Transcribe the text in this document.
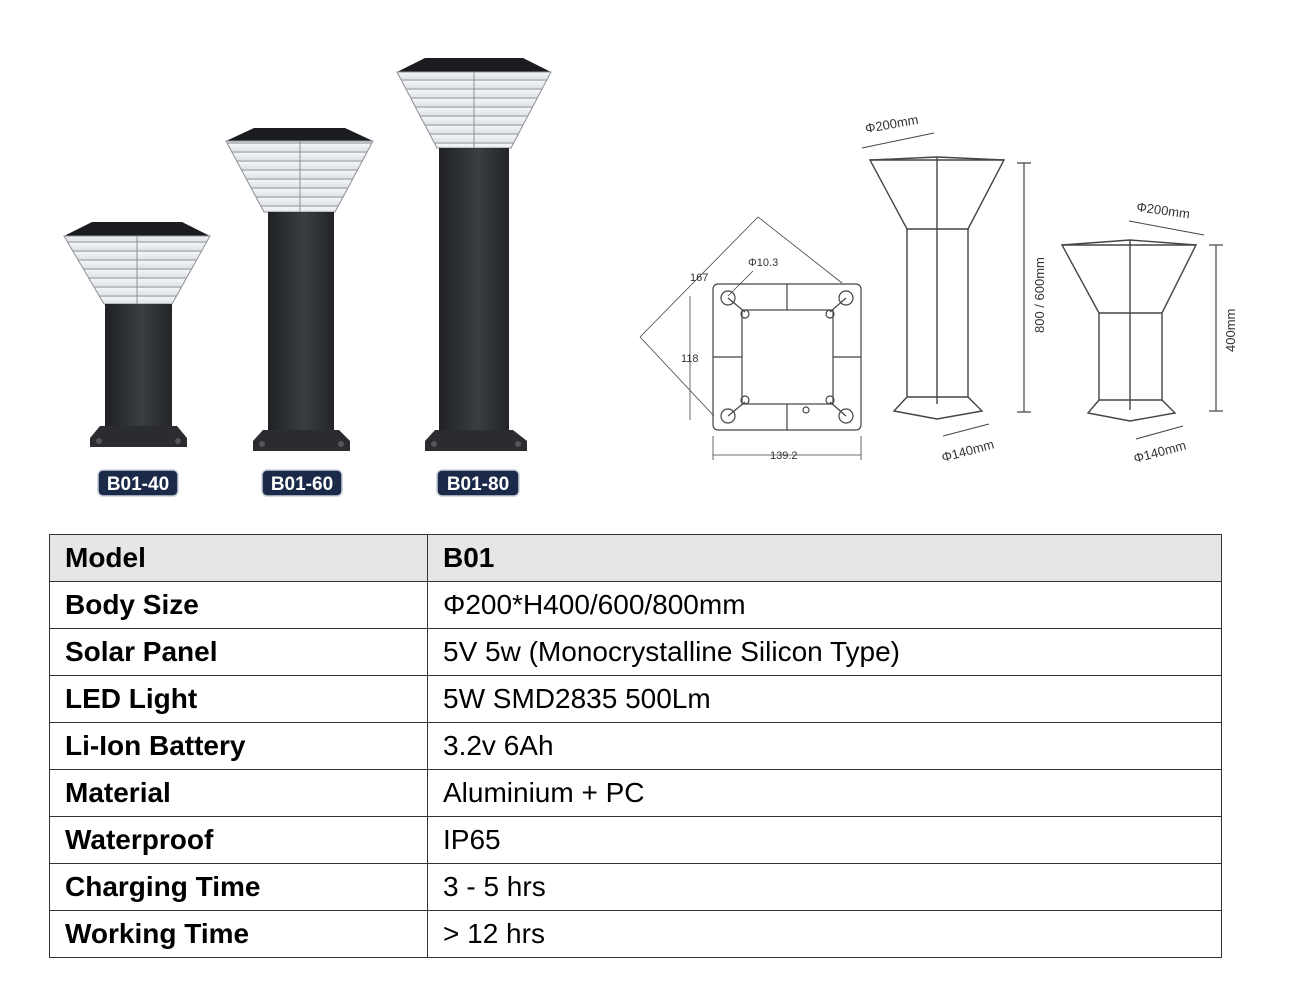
B01-40	B01-60	B01-80
167
Φ10.3
118
139.2
Φ200mm
800 / 600mm
Φ140mm
Φ200mm
400mm
Φ140mm
Model	B01
Body Size	Φ200*H400/600/800mm
Solar Panel	5V 5w (Monocrystalline Silicon Type)
LED Light	5W SMD2835 500Lm
Li-Ion Battery	3.2v 6Ah
Material	Aluminium + PC
Waterproof	IP65
Charging Time	3 - 5 hrs
Working Time	> 12 hrs
